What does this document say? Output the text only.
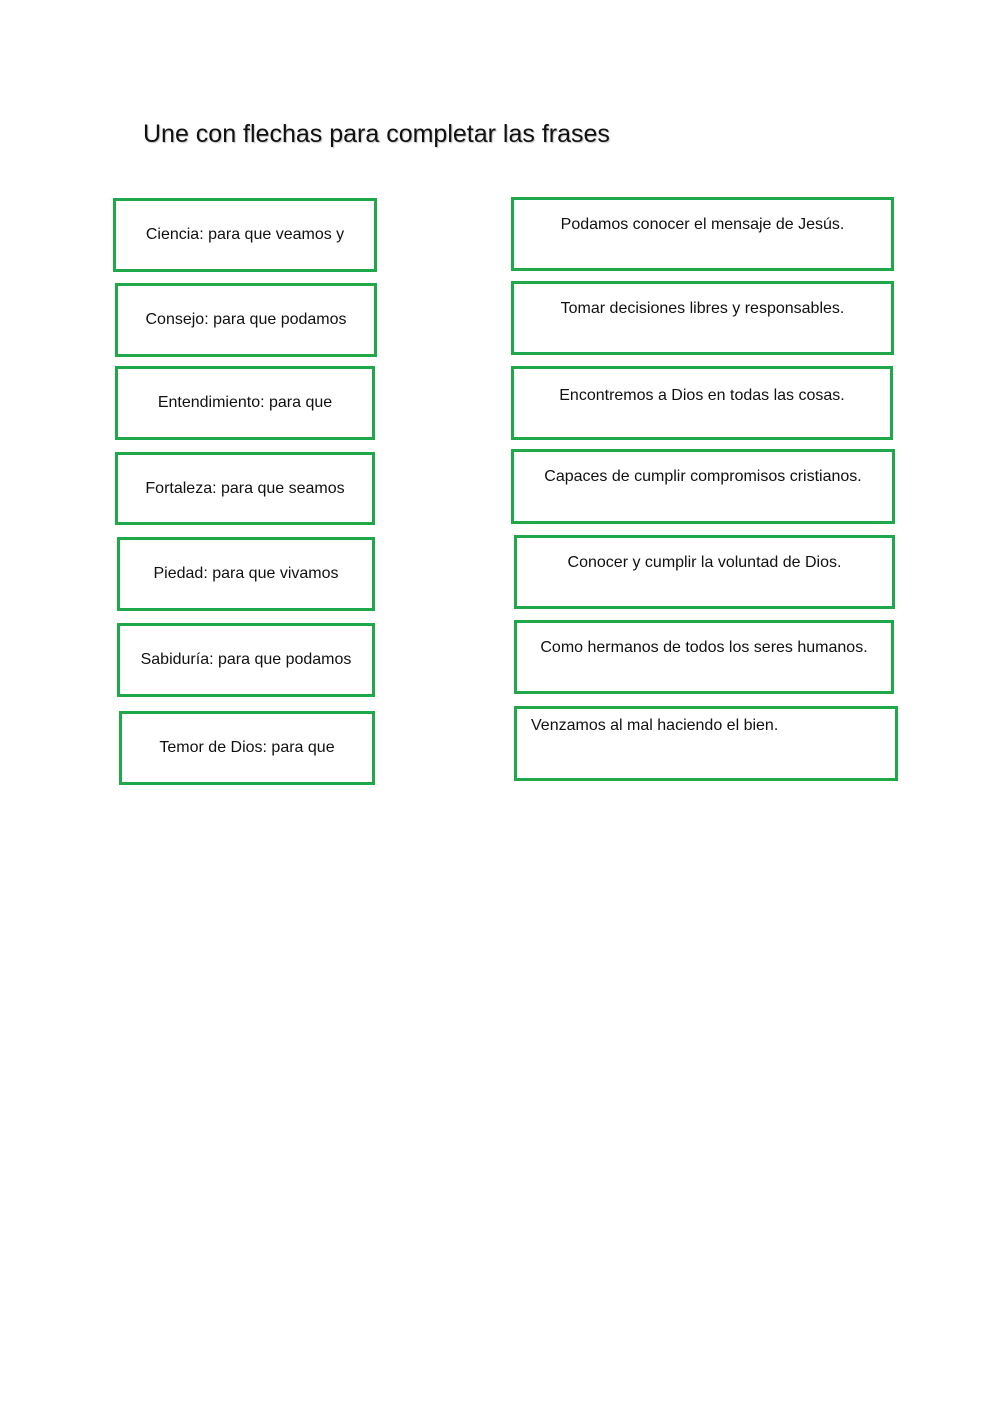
Une con flechas para completar las frases
Ciencia: para que veamos y
Consejo: para que podamos
Entendimiento: para que
Fortaleza: para que seamos
Piedad: para que vivamos
Sabiduría: para que podamos
Temor de Dios: para que
Podamos conocer el mensaje de Jesús.
Tomar decisiones libres y responsables.
Encontremos a Dios en todas las cosas.
Capaces de cumplir compromisos cristianos.
Conocer y cumplir la voluntad de Dios.
Como hermanos de todos los seres humanos.
Venzamos al mal haciendo el bien.
